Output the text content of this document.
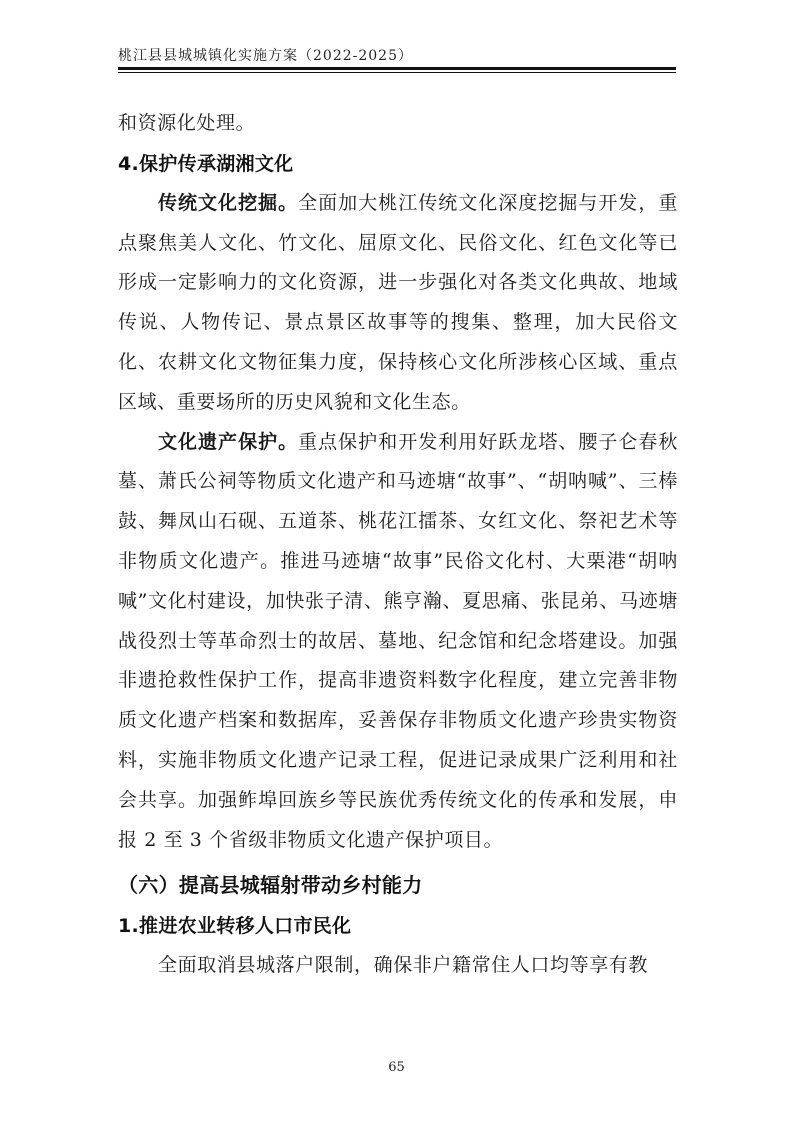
桃江县县城城镇化实施方案（2022-2025）

和资源化处理。

4.保护传承湖湘文化

传统文化挖掘。全面加大桃江传统文化深度挖掘与开发，重点聚焦美人文化、竹文化、屈原文化、民俗文化、红色文化等已形成一定影响力的文化资源，进一步强化对各类文化典故、地域传说、人物传记、景点景区故事等的搜集、整理，加大民俗文化、农耕文化文物征集力度，保持核心文化所涉核心区域、重点区域、重要场所的历史风貌和文化生态。

文化遗产保护。重点保护和开发利用好跃龙塔、腰子仑春秋墓、萧氏公祠等物质文化遗产和马迹塘“故事”、“胡呐喊”、三棒鼓、舞凤山石砚、五道茶、桃花江擂茶、女红文化、祭祀艺术等非物质文化遗产。推进马迹塘“故事”民俗文化村、大栗港“胡呐喊”文化村建设，加快张子清、熊亨瀚、夏思痛、张昆弟、马迹塘战役烈士等革命烈士的故居、墓地、纪念馆和纪念塔建设。加强非遗抢救性保护工作，提高非遗资料数字化程度，建立完善非物质文化遗产档案和数据库，妥善保存非物质文化遗产珍贵实物资料，实施非物质文化遗产记录工程，促进记录成果广泛利用和社会共享。加强鲊埠回族乡等民族优秀传统文化的传承和发展，申报 2 至 3 个省级非物质文化遗产保护项目。

（六）提高县城辐射带动乡村能力

1.推进农业转移人口市民化

全面取消县城落户限制，确保非户籍常住人口均等享有教

65
